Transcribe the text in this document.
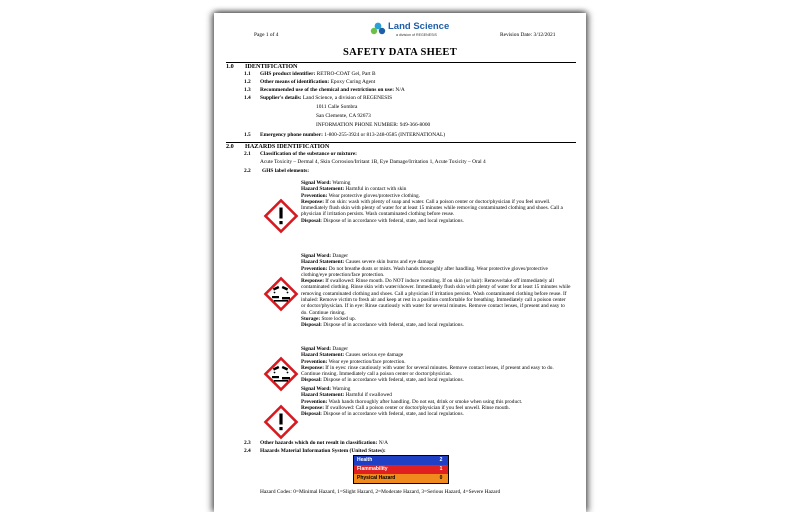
Page 1 of 4
Land Science
a division of REGENESIS	Revision Date: 3/12/2021
SAFETY DATA SHEET
1.0 IDENTIFICATION
1.1 GHS product identifier: RETRO-COAT Gel, Part B
1.2 Other means of identification: Epoxy Curing Agent
1.3 Recommended use of the chemical and restrictions on use: N/A
1.4 Supplier's details: Land Science, a division of REGENESIS
1011 Calle Sombra
San Clemente, CA 92673
INFORMATION PHONE NUMBER: 949-366-8000
1.5 Emergency phone number: 1-800-255-3924 or 813-248-0585 (INTERNATIONAL)
2.0 HAZARDS IDENTIFICATION
2.1 Classification of the substance or mixture:
Acute Toxicity – Dermal 4, Skin Corrosion/Irritant 1B, Eye Damage/Irritation 1, Acute Toxicity – Oral 4
2.2 GHS label elements:

Signal Word: Warning

Hazard Statement: Harmful in contact with skin

Prevention: Wear protective gloves/protective clothing.

Response: If on skin: wash with plenty of soap and water. Call a poison center or doctor/physician if you feel unwell. Immediately flush skin with plenty of water for at least 15 minutes while removing contaminated clothing and shoes. Call a physician if irritation persists. Wash contaminated clothing before reuse.

Disposal: Dispose of in accordance with federal, state, and local regulations.

Signal Word: Danger

Hazard Statement: Causes severe skin burns and eye damage

Prevention: Do not breathe dusts or mists. Wash hands thoroughly after handling. Wear protective gloves/protective clothing/eye protection/face protection.

Response: If swallowed: Rinse mouth. Do NOT induce vomiting. If on skin (or hair): Remove/take off immediately all contaminated clothing. Rinse skin with water/shower. Immediately flush skin with plenty of water for at least 15 minutes while removing contaminated clothing and shoes. Call a physician if irritation persists. Wash contaminated clothing before reuse. If inhaled: Remove victim to fresh air and keep at rest in a position comfortable for breathing. Immediately call a poison center or doctor/physician. If in eye: Rinse cautiously with water for several minutes. Remove contact lenses, if present and easy to do. Continue rinsing.

Storage: Store locked up.

Disposal: Dispose of in accordance with federal, state, and local regulations.

Signal Word: Danger

Hazard Statement: Causes serious eye damage

Prevention: Wear eye protection/face protection.

Response: If in eyes: rinse cautiously with water for several minutes. Remove contact lenses, if present and easy to do. Continue rinsing. Immediately call a poison center or doctor/physician.

Disposal: Dispose of in accordance with federal, state, and local regulations.

Signal Word: Warning

Hazard Statement: Harmful if swallowed

Prevention: Wash hands thoroughly after handling. Do not eat, drink or smoke when using this product.

Response: If swallowed: Call a poison center or doctor/physician if you feel unwell. Rinse mouth.

Disposal: Dispose of in accordance with federal, state, and local regulations.

2.3 Other hazards which do not result in classification: N/A
2.4 Hazards Material Information System (United States):
Health	2
Flammability	1
Physical Hazard	0
Hazard Codes: 0=Minimal Hazard, 1=Slight Hazard, 2=Moderate Hazard, 3=Serious Hazard, 4=Severe Hazard
